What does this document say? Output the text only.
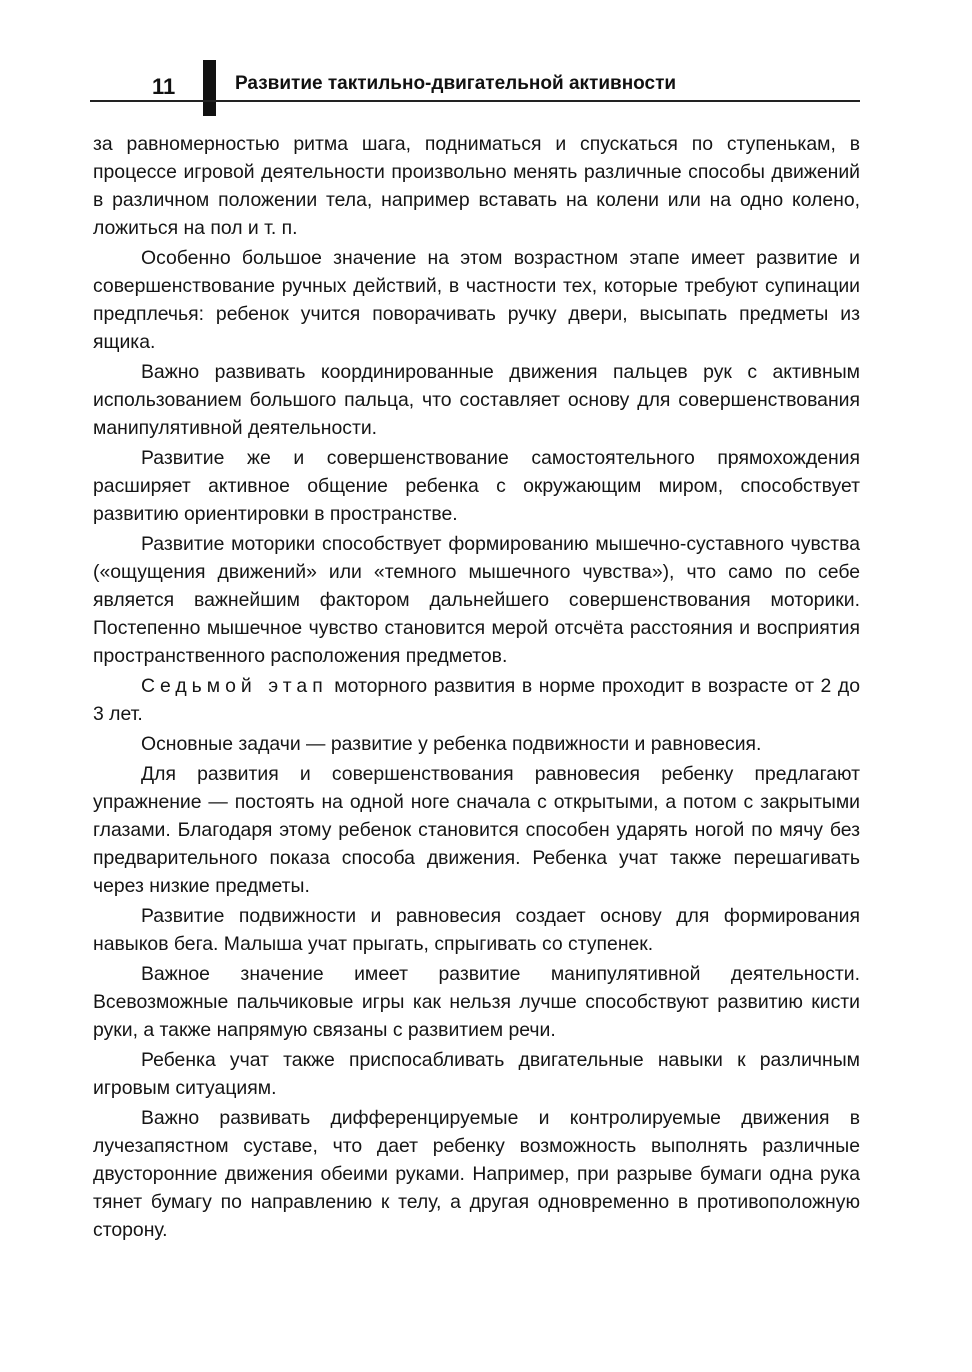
11	Развитие тактильно-двигательной активности

за равномерностью ритма шага, подниматься и спускаться по ступенькам, в процессе игровой деятельности произвольно менять различные способы движений в различном положении тела, например вставать на колени или на одно колено, ложиться на пол и т. п.

Особенно большое значение на этом возрастном этапе имеет развитие и совершенствование ручных действий, в частности тех, которые требуют супинации предплечья: ребенок учится поворачивать ручку двери, высыпать предметы из ящика.

Важно развивать координированные движения пальцев рук с активным использованием большого пальца, что составляет основу для совершенствования манипулятивной деятельности.

Развитие же и совершенствование самостоятельного прямохождения расширяет активное общение ребенка с окружающим миром, способствует развитию ориентировки в пространстве.

Развитие моторики способствует формированию мышечно-суставного чувства («ощущения движений» или «темного мышечного чувства»), что само по себе является важнейшим фактором дальнейшего совершенствования моторики. Постепенно мышечное чувство становится мерой отсчёта расстояния и восприятия пространственного расположения предметов.

Седьмой этап моторного развития в норме проходит в возрасте от 2 до 3 лет.

Основные задачи — развитие у ребенка подвижности и равновесия.

Для развития и совершенствования равновесия ребенку предлагают упражнение — постоять на одной ноге сначала с открытыми, а потом с закрытыми глазами. Благодаря этому ребенок становится способен ударять ногой по мячу без предварительного показа способа движения. Ребенка учат также перешагивать через низкие предметы.

Развитие подвижности и равновесия создает основу для формирования навыков бега. Малыша учат прыгать, спрыгивать со ступенек.

Важное значение имеет развитие манипулятивной деятельности. Всевозможные пальчиковые игры как нельзя лучше способствуют развитию кисти руки, а также напрямую связаны с развитием речи.

Ребенка учат также приспосабливать двигательные навыки к различным игровым ситуациям.

Важно развивать дифференцируемые и контролируемые движения в лучезапястном суставе, что дает ребенку возможность выполнять различные двусторонние движения обеими руками. Например, при разрыве бумаги одна рука тянет бумагу по направлению к телу, а другая одновременно в противоположную сторону.
